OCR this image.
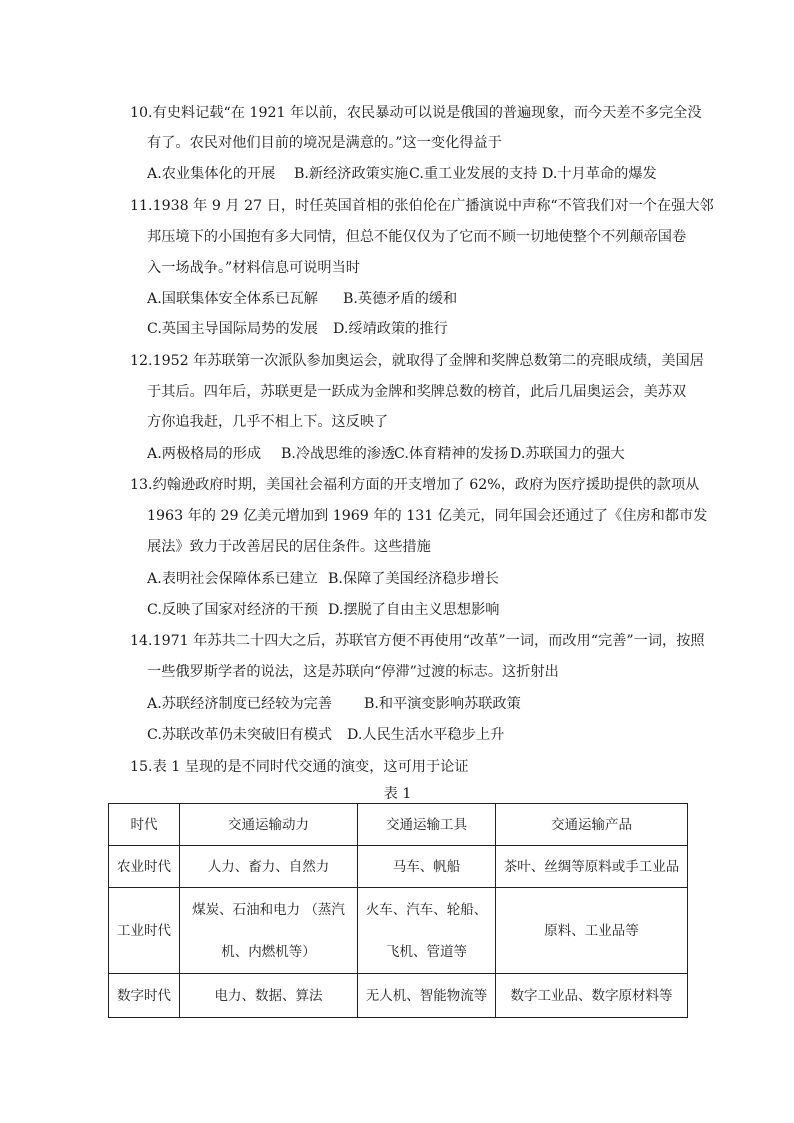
10.有史料记载“在 1921 年以前，农民暴动可以说是俄国的普遍现象，而今天差不多完全没
有了。农民对他们目前的境况是满意的。”这一变化得益于
A.农业集体化的开展 B.新经济政策实施 C.重工业发展的支持 D.十月革命的爆发
11.1938 年 9 月 27 日，时任英国首相的张伯伦在广播演说中声称“不管我们对一个在强大邻
邦压境下的小国抱有多大同情，但总不能仅仅为了它而不顾一切地使整个不列颠帝国卷
入一场战争。”材料信息可说明当时
A.国联集体安全体系已瓦解 B.英德矛盾的缓和
C.英国主导国际局势的发展 D.绥靖政策的推行
12.1952 年苏联第一次派队参加奥运会，就取得了金牌和奖牌总数第二的亮眼成绩，美国居
于其后。四年后，苏联更是一跃成为金牌和奖牌总数的榜首，此后几届奥运会，美苏双
方你追我赶，几乎不相上下。这反映了
A.两极格局的形成 B.冷战思维的渗透
C.体育精神的发扬 D.苏联国力的强大
13.约翰逊政府时期，美国社会福利方面的开支增加了 62%，政府为医疗援助提供的款项从
1963 年的 29 亿美元增加到 1969 年的 131 亿美元，同年国会还通过了《住房和都市发
展法》致力于改善居民的居住条件。这些措施
A.表明社会保障体系已建立 B.保障了美国经济稳步增长
C.反映了国家对经济的干预 D.摆脱了自由主义思想影响
14.1971 年苏共二十四大之后，苏联官方便不再使用“改革”一词，而改用“完善”一词，按照
一些俄罗斯学者的说法，这是苏联向“停滞”过渡的标志。这折射出
A.苏联经济制度已经较为完善 B.和平演变影响苏联政策
C.苏联改革仍未突破旧有模式 D.人民生活水平稳步上升
15.表 1 呈现的是不同时代交通的演变，这可用于论证
表 1
时代	交通运输动力	交通运输工具	交通运输产品
农业时代	人力、畜力、自然力	马车、帆船	茶叶、丝绸等原料或手工业品
工业时代	煤炭、石油和电力 （蒸汽机、内燃机等）	火车、汽车、轮船、 飞机、管道等	原料、工业品等
数字时代	电力、数据、算法	无人机、智能物流等	数字工业品、数字原材料等
